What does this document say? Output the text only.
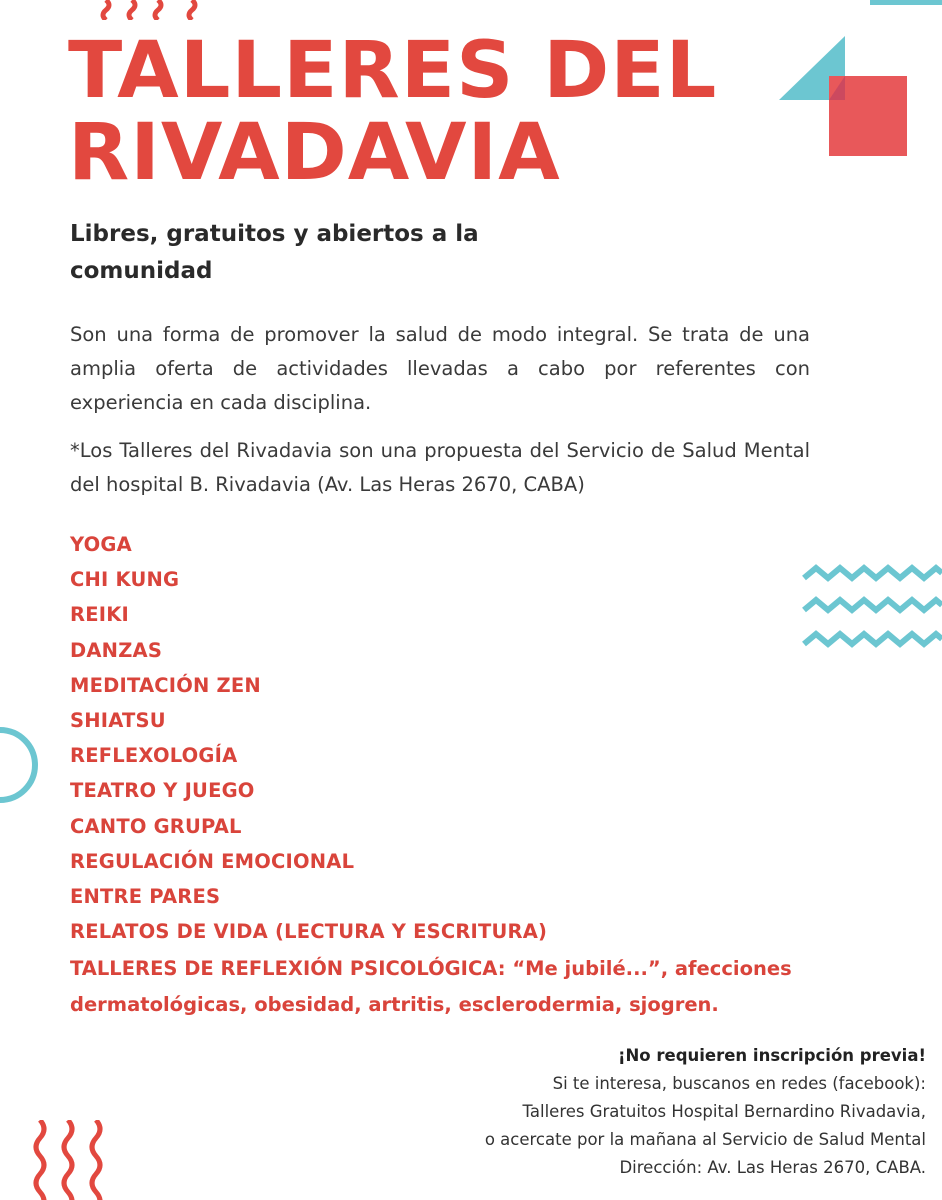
TALLERES DEL
RIVADAVIA
Libres, gratuitos y abiertos a la comunidad

Son una forma de promover la salud de modo integral. Se trata de una amplia oferta de actividades llevadas a cabo por referentes con experiencia en cada disciplina.

*Los Talleres del Rivadavia son una propuesta del Servicio de Salud Mental del hospital B. Rivadavia (Av. Las Heras 2670, CABA)

YOGA
CHI KUNG
REIKI
DANZAS
MEDITACIÓN ZEN
SHIATSU
REFLEXOLOGÍA
TEATRO Y JUEGO
CANTO GRUPAL
REGULACIÓN EMOCIONAL
ENTRE PARES
RELATOS DE VIDA (LECTURA Y ESCRITURA)

TALLERES DE REFLEXIÓN PSICOLÓGICA: “Me jubilé...”, afecciones dermatológicas, obesidad, artritis, esclerodermia, sjogren.

¡No requieren inscripción previa!
Si te interesa, buscanos en redes (facebook):
Talleres Gratuitos Hospital Bernardino Rivadavia,
o acercate por la mañana al Servicio de Salud Mental
Dirección: Av. Las Heras 2670, CABA.
